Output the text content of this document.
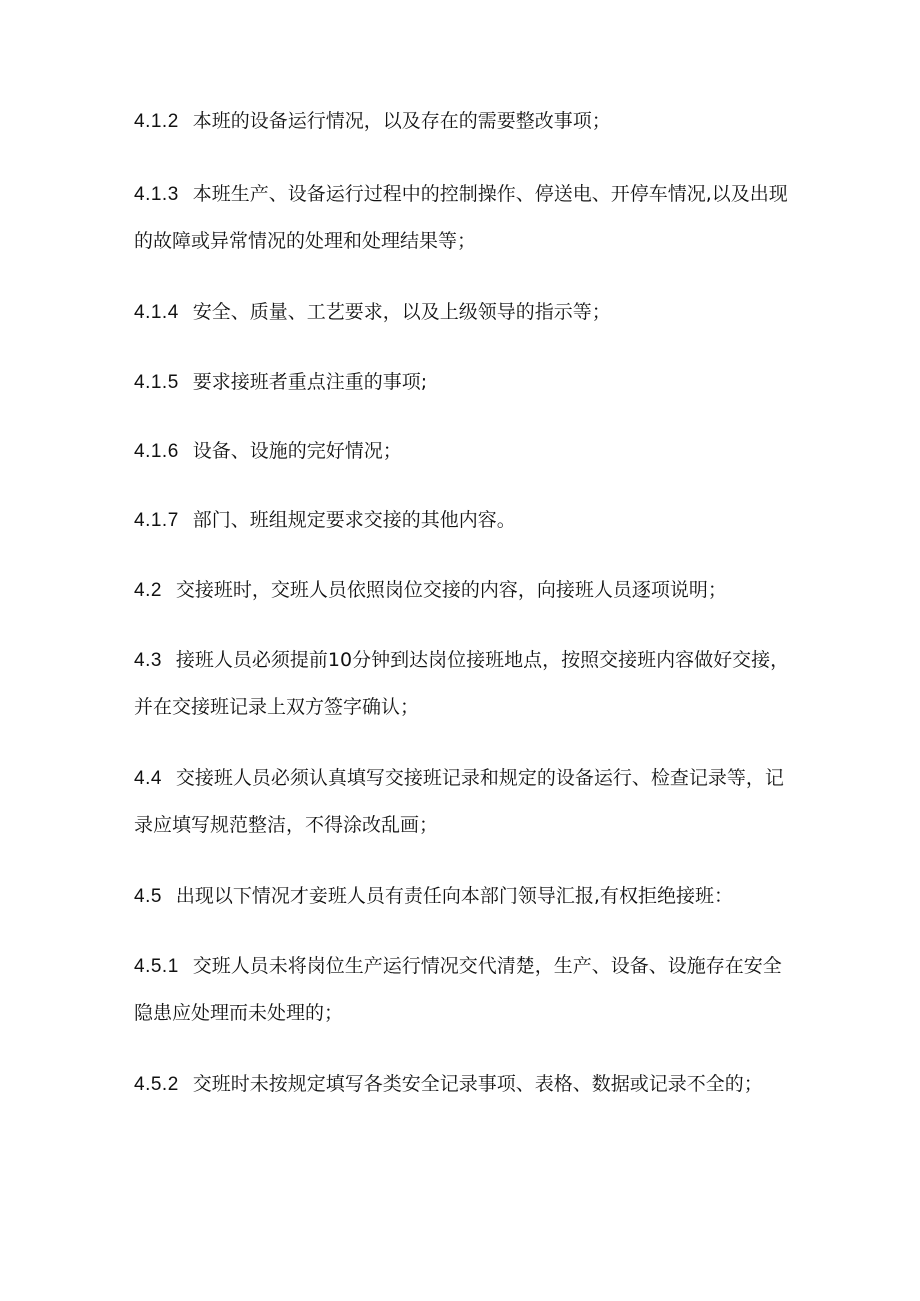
4.1.2 本班的设备运行情况，以及存在的需要整改事项；

4.1.3 本班生产、设备运行过程中的控制操作、停送电、开停车情况,以及出现的故障或异常情况的处理和处理结果等；

4.1.4 安全、质量、工艺要求，以及上级领导的指示等；

4.1.5 要求接班者重点注重的事项;

4.1.6 设备、设施的完好情况；

4.1.7 部门、班组规定要求交接的其他内容。

4.2 交接班时，交班人员依照岗位交接的内容，向接班人员逐项说明；

4.3 接班人员必须提前10分钟到达岗位接班地点，按照交接班内容做好交接，并在交接班记录上双方签字确认；

4.4 交接班人员必须认真填写交接班记录和规定的设备运行、检查记录等，记录应填写规范整洁，不得涂改乱画；

4.5 出现以下情况才妾班人员有责任向本部门领导汇报,有权拒绝接班：

4.5.1 交班人员未将岗位生产运行情况交代清楚，生产、设备、设施存在安全隐患应处理而未处理的；

4.5.2 交班时未按规定填写各类安全记录事项、表格、数据或记录不全的；
